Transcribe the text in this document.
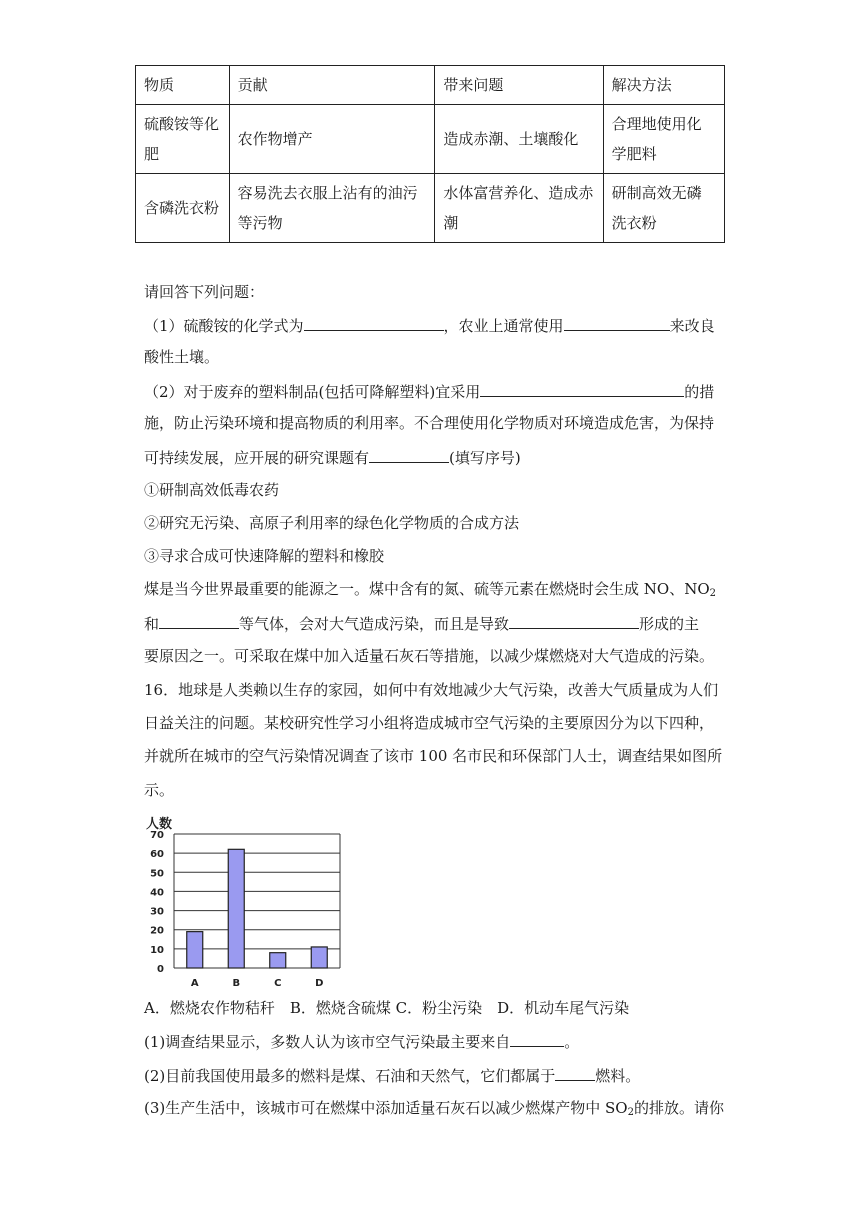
物质	贡献	带来问题	解决方法
硫酸铵等化肥	农作物增产	造成赤潮、土壤酸化	合理地使用化学肥料
含磷洗衣粉	容易洗去衣服上沾有的油污等污物	水体富营养化、造成赤潮	研制高效无磷洗衣粉
请回答下列问题：
（1）硫酸铵的化学式为	，农业上通常使用	来改良
酸性土壤。
（2）对于废弃的塑料制品(包括可降解塑料)宜采用	的措
施，防止污染环境和提高物质的利用率。不合理使用化学物质对环境造成危害，为保持
可持续发展，应开展的研究课题有	(填写序号)
①研制高效低毒农药
②研究无污染、高原子利用率的绿色化学物质的合成方法
③寻求合成可快速降解的塑料和橡胶
煤是当今世界最重要的能源之一。煤中含有的氮、硫等元素在燃烧时会生成 NO、$NO_2$
和	等气体，会对大气造成污染，而且是导致	形成的主
要原因之一。可采取在煤中加入适量石灰石等措施，以减少煤燃烧对大气造成的污染。
16．地球是人类赖以生存的家园，如何中有效地减少大气污染，改善大气质量成为人们
日益关注的问题。某校研究性学习小组将造成城市空气污染的主要原因分为以下四种，
并就所在城市的空气污染情况调查了该市 100 名市民和环保部门人士，调查结果如图所
示。
人数
0
10
20
30
40
50
60
70
A	B	C	D
A．燃烧农作物秸秆　B．燃烧含硫煤 C．粉尘污染　D．机动车尾气污染
(1)调查结果显示，多数人认为该市空气污染最主要来自	。
(2)目前我国使用最多的燃料是煤、石油和天然气，它们都属于	燃料。
(3)生产生活中，该城市可在燃煤中添加适量石灰石以减少燃煤产物中 $SO_2$的排放。请你
